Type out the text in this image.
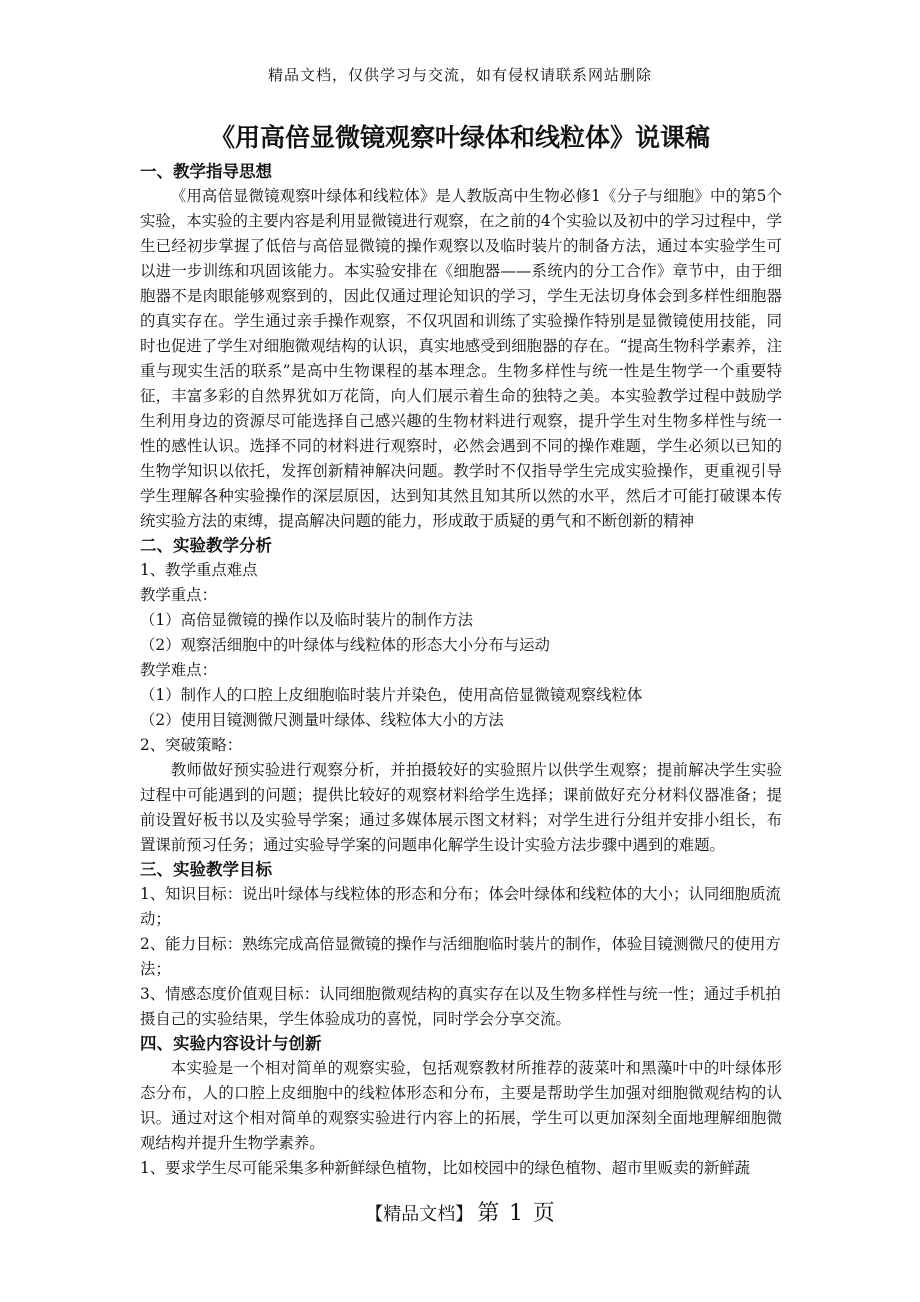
精品文档，仅供学习与交流，如有侵权请联系网站删除
《用高倍显微镜观察叶绿体和线粒体》说课稿
一、教学指导思想

《用高倍显微镜观察叶绿体和线粒体》是人教版高中生物必修1《分子与细胞》中的第5个实验，本实验的主要内容是利用显微镜进行观察，在之前的4个实验以及初中的学习过程中，学生已经初步掌握了低倍与高倍显微镜的操作观察以及临时装片的制备方法，通过本实验学生可以进一步训练和巩固该能力。本实验安排在《细胞器——系统内的分工合作》章节中，由于细胞器不是肉眼能够观察到的，因此仅通过理论知识的学习，学生无法切身体会到多样性细胞器的真实存在。学生通过亲手操作观察，不仅巩固和训练了实验操作特别是显微镜使用技能，同时也促进了学生对细胞微观结构的认识，真实地感受到细胞器的存在。“提高生物科学素养，注重与现实生活的联系”是高中生物课程的基本理念。生物多样性与统一性是生物学一个重要特征，丰富多彩的自然界犹如万花筒，向人们展示着生命的独特之美。本实验教学过程中鼓励学生利用身边的资源尽可能选择自己感兴趣的生物材料进行观察，提升学生对生物多样性与统一性的感性认识。选择不同的材料进行观察时，必然会遇到不同的操作难题，学生必须以已知的生物学知识以依托，发挥创新精神解决问题。教学时不仅指导学生完成实验操作，更重视引导学生理解各种实验操作的深层原因，达到知其然且知其所以然的水平，然后才可能打破课本传统实验方法的束缚，提高解决问题的能力，形成敢于质疑的勇气和不断创新的精神

二、实验教学分析

1、教学重点难点

教学重点：

（1）高倍显微镜的操作以及临时装片的制作方法

（2）观察活细胞中的叶绿体与线粒体的形态大小分布与运动

教学难点：

（1）制作人的口腔上皮细胞临时装片并染色，使用高倍显微镜观察线粒体

（2）使用目镜测微尺测量叶绿体、线粒体大小的方法

2、突破策略：

教师做好预实验进行观察分析，并拍摄较好的实验照片以供学生观察；提前解决学生实验过程中可能遇到的问题；提供比较好的观察材料给学生选择；课前做好充分材料仪器准备；提前设置好板书以及实验导学案；通过多媒体展示图文材料；对学生进行分组并安排小组长，布置课前预习任务；通过实验导学案的问题串化解学生设计实验方法步骤中遇到的难题。

三、实验教学目标

1、知识目标：说出叶绿体与线粒体的形态和分布；体会叶绿体和线粒体的大小；认同细胞质流动；

2、能力目标：熟练完成高倍显微镜的操作与活细胞临时装片的制作，体验目镜测微尺的使用方法；

3、情感态度价值观目标：认同细胞微观结构的真实存在以及生物多样性与统一性；通过手机拍摄自己的实验结果，学生体验成功的喜悦，同时学会分享交流。

四、实验内容设计与创新

本实验是一个相对简单的观察实验，包括观察教材所推荐的菠菜叶和黑藻叶中的叶绿体形态分布，人的口腔上皮细胞中的线粒体形态和分布，主要是帮助学生加强对细胞微观结构的认识。通过对这个相对简单的观察实验进行内容上的拓展，学生可以更加深刻全面地理解细胞微观结构并提升生物学素养。

1、要求学生尽可能采集多种新鲜绿色植物，比如校园中的绿色植物、超市里贩卖的新鲜蔬

【精品文档】 第 1 页
